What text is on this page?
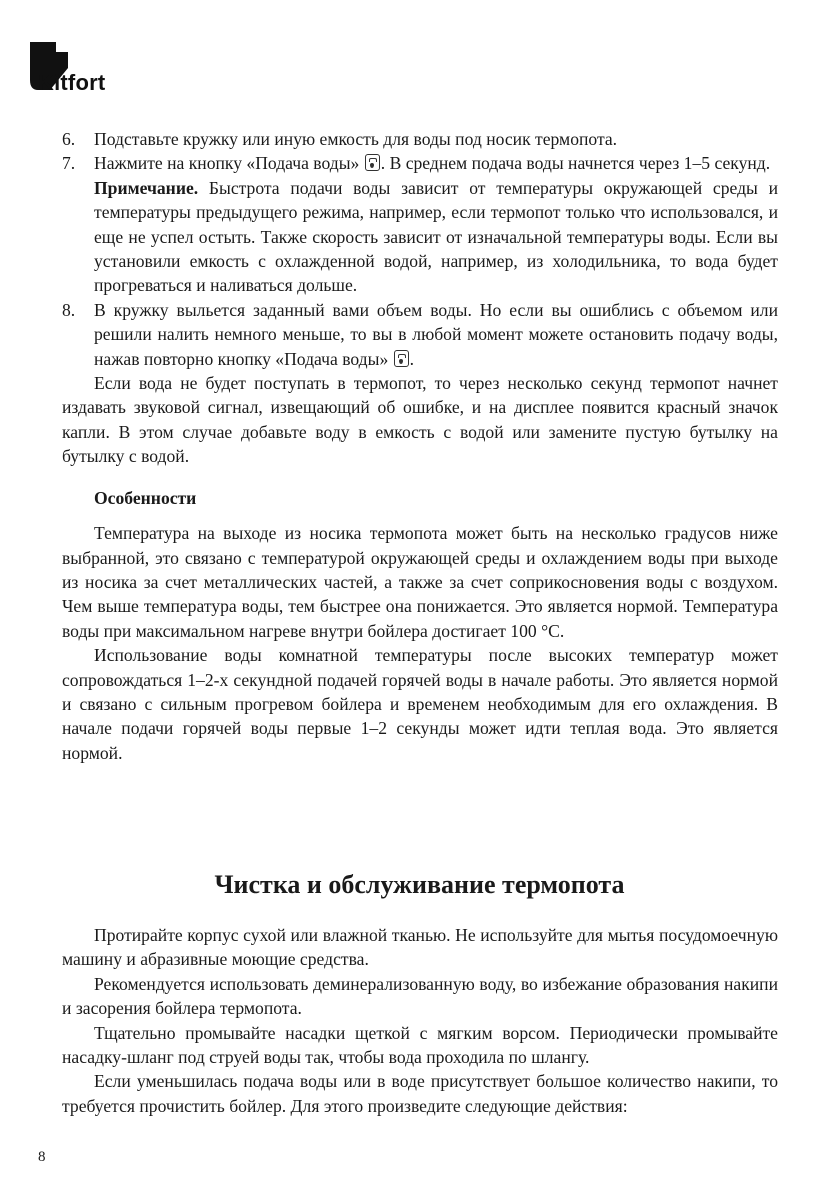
Kitfort
6. Подставьте кружку или иную емкость для воды под носик термопота.
7. Нажмите на кнопку «Подача воды» . В среднем подача воды начнется через 1–5 секунд.
Примечание. Быстрота подачи воды зависит от температуры окружающей среды и температуры предыдущего режима, например, если термопот только что использовался, и еще не успел остыть. Также скорость зависит от изначальной температуры воды. Если вы установили емкость с охлажденной водой, например, из холодильника, то вода будет прогреваться и наливаться дольше.
8. В кружку выльется заданный вами объем воды. Но если вы ошиблись с объемом или решили налить немного меньше, то вы в любой момент можете остановить подачу воды, нажав повторно кнопку «Подача воды» .

Если вода не будет поступать в термопот, то через несколько секунд термопот начнет издавать звуковой сигнал, извещающий об ошибке, и на дисплее появится красный значок капли. В этом случае добавьте воду в емкость с водой или замените пустую бутылку на бутылку с водой.

Особенности

Температура на выходе из носика термопота может быть на несколько градусов ниже выбранной, это связано с температурой окружающей среды и охлаждением воды при выходе из носика за счет металлических частей, а также за счет соприкосновения воды с воздухом. Чем выше температура воды, тем быстрее она понижается. Это является нормой. Температура воды при максимальном нагреве внутри бойлера достигает 100 °C.

Использование воды комнатной температуры после высоких температур может сопровождаться 1–2-х секундной подачей горячей воды в начале работы. Это является нормой и связано с сильным прогревом бойлера и временем необходимым для его охлаждения. В начале подачи горячей воды первые 1–2 секунды может идти теплая вода. Это является нормой.

Чистка и обслуживание термопота

Протирайте корпус сухой или влажной тканью. Не используйте для мытья посудомоечную машину и абразивные моющие средства.

Рекомендуется использовать деминерализованную воду, во избежание образования накипи и засорения бойлера термопота.

Тщательно промывайте насадки щеткой с мягким ворсом. Периодически промывайте насадку-шланг под струей воды так, чтобы вода проходила по шлангу.

Если уменьшилась подача воды или в воде присутствует большое количество накипи, то требуется прочистить бойлер. Для этого произведите следующие действия:

8
